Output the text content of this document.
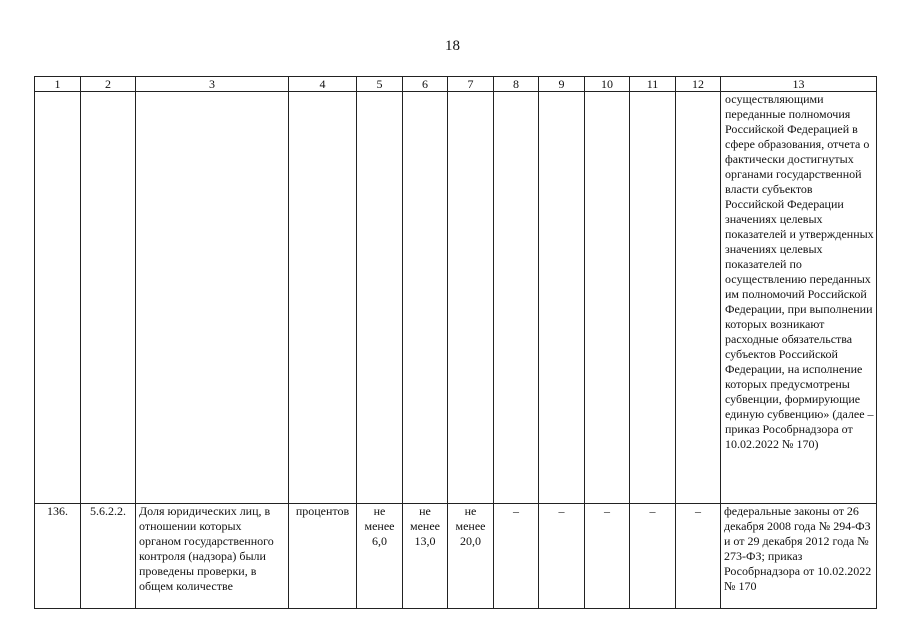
18
1	2	3	4	5	6	7	8	9	10	11	12	13
												осуществляющими переданные полномочия Российской Федерацией в сфере образования, отчета о фактически достигнутых органами государственной власти субъектов Российской Федерации значениях целевых показателей и утвержденных значениях целевых показателей по осуществлению переданных им полномочий Российской Федерации, при выполнении которых возникают расходные обязательства субъектов Российской Федерации, на исполнение которых предусмотрены субвенции, формирующие единую субвенцию» (далее – приказ Рособрнадзора от 10.02.2022 № 170)
136.	5.6.2.2.	Доля юридических лиц, в отношении которых органом государственного контроля (надзора) были проведены проверки, в общем количестве	процентов	не менее 6,0	не менее 13,0	не менее 20,0	–	–	–	–	–	федеральные законы от 26 декабря 2008 года № 294-ФЗ и от 29 декабря 2012 года № 273-ФЗ; приказ Рособрнадзора от 10.02.2022 № 170
